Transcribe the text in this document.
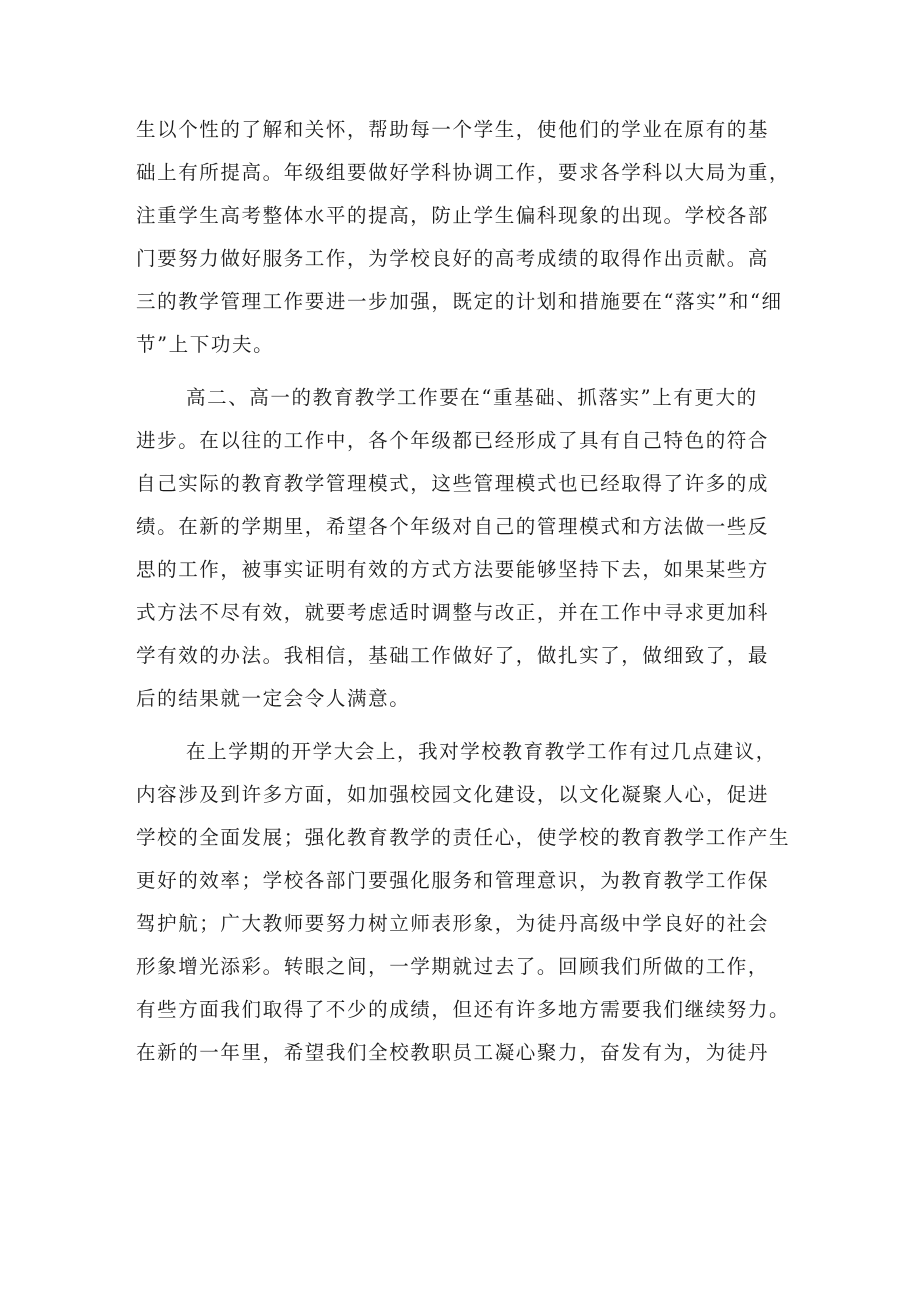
生以个性的了解和关怀，帮助每一个学生，使他们的学业在原有的基
础上有所提高。年级组要做好学科协调工作，要求各学科以大局为重，
注重学生高考整体水平的提高，防止学生偏科现象的出现。学校各部
门要努力做好服务工作，为学校良好的高考成绩的取得作出贡献。高
三的教学管理工作要进一步加强，既定的计划和措施要在“落实”和“细
节”上下功夫。
高二、高一的教育教学工作要在“重基础、抓落实”上有更大的
进步。在以往的工作中，各个年级都已经形成了具有自己特色的符合
自己实际的教育教学管理模式，这些管理模式也已经取得了许多的成
绩。在新的学期里，希望各个年级对自己的管理模式和方法做一些反
思的工作，被事实证明有效的方式方法要能够坚持下去，如果某些方
式方法不尽有效，就要考虑适时调整与改正，并在工作中寻求更加科
学有效的办法。我相信，基础工作做好了，做扎实了，做细致了，最
后的结果就一定会令人满意。
在上学期的开学大会上，我对学校教育教学工作有过几点建议，
内容涉及到许多方面，如加强校园文化建设，以文化凝聚人心，促进
学校的全面发展；强化教育教学的责任心，使学校的教育教学工作产生
更好的效率；学校各部门要强化服务和管理意识，为教育教学工作保
驾护航；广大教师要努力树立师表形象，为徒丹高级中学良好的社会
形象增光添彩。转眼之间，一学期就过去了。回顾我们所做的工作，
有些方面我们取得了不少的成绩，但还有许多地方需要我们继续努力。
在新的一年里，希望我们全校教职员工凝心聚力，奋发有为，为徒丹
